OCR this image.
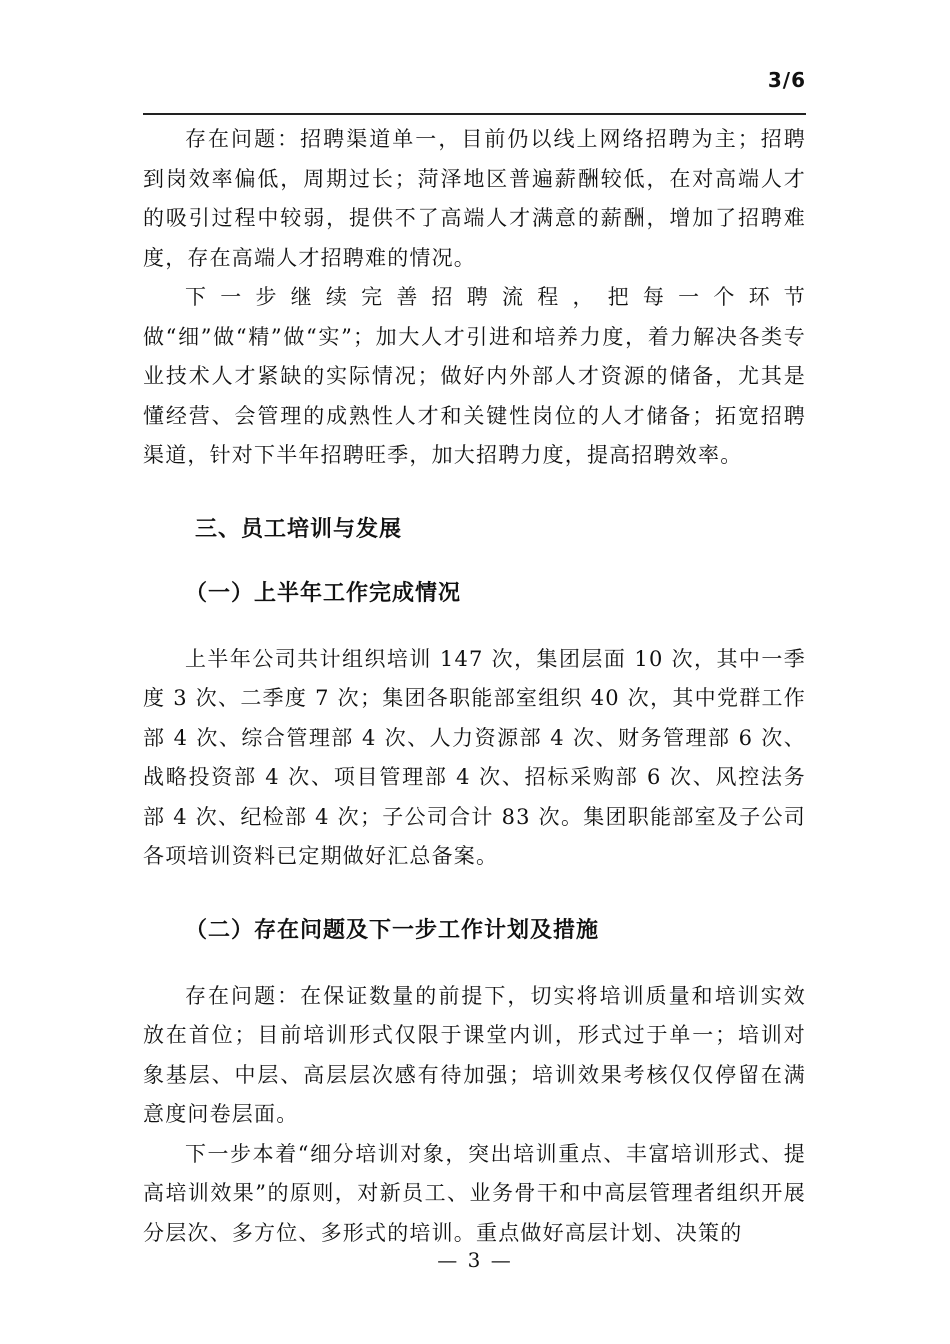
3/6

存在问题：招聘渠道单一，目前仍以线上网络招聘为主；招聘到岗效率偏低，周期过长；菏泽地区普遍薪酬较低，在对高端人才的吸引过程中较弱，提供不了高端人才满意的薪酬，增加了招聘难度，存在高端人才招聘难的情况。

下一步继续完善招聘流程，把每一个环节做“细”做“精”做“实”；加大人才引进和培养力度，着力解决各类专业技术人才紧缺的实际情况；做好内外部人才资源的储备，尤其是懂经营、会管理的成熟性人才和关键性岗位的人才储备；拓宽招聘渠道，针对下半年招聘旺季，加大招聘力度，提高招聘效率。

三、员工培训与发展

（一）上半年工作完成情况

上半年公司共计组织培训 147 次，集团层面 10 次，其中一季度 3 次、二季度 7 次；集团各职能部室组织 40 次，其中党群工作部 4 次、综合管理部 4 次、人力资源部 4 次、财务管理部 6 次、战略投资部 4 次、项目管理部 4 次、招标采购部 6 次、风控法务部 4 次、纪检部 4 次；子公司合计 83 次。集团职能部室及子公司各项培训资料已定期做好汇总备案。

（二）存在问题及下一步工作计划及措施

存在问题：在保证数量的前提下，切实将培训质量和培训实效放在首位；目前培训形式仅限于课堂内训，形式过于单一；培训对象基层、中层、高层层次感有待加强；培训效果考核仅仅停留在满意度问卷层面。

下一步本着“细分培训对象，突出培训重点、丰富培训形式、提高培训效果”的原则，对新员工、业务骨干和中高层管理者组织开展分层次、多方位、多形式的培训。重点做好高层计划、决策的

— 3 —
